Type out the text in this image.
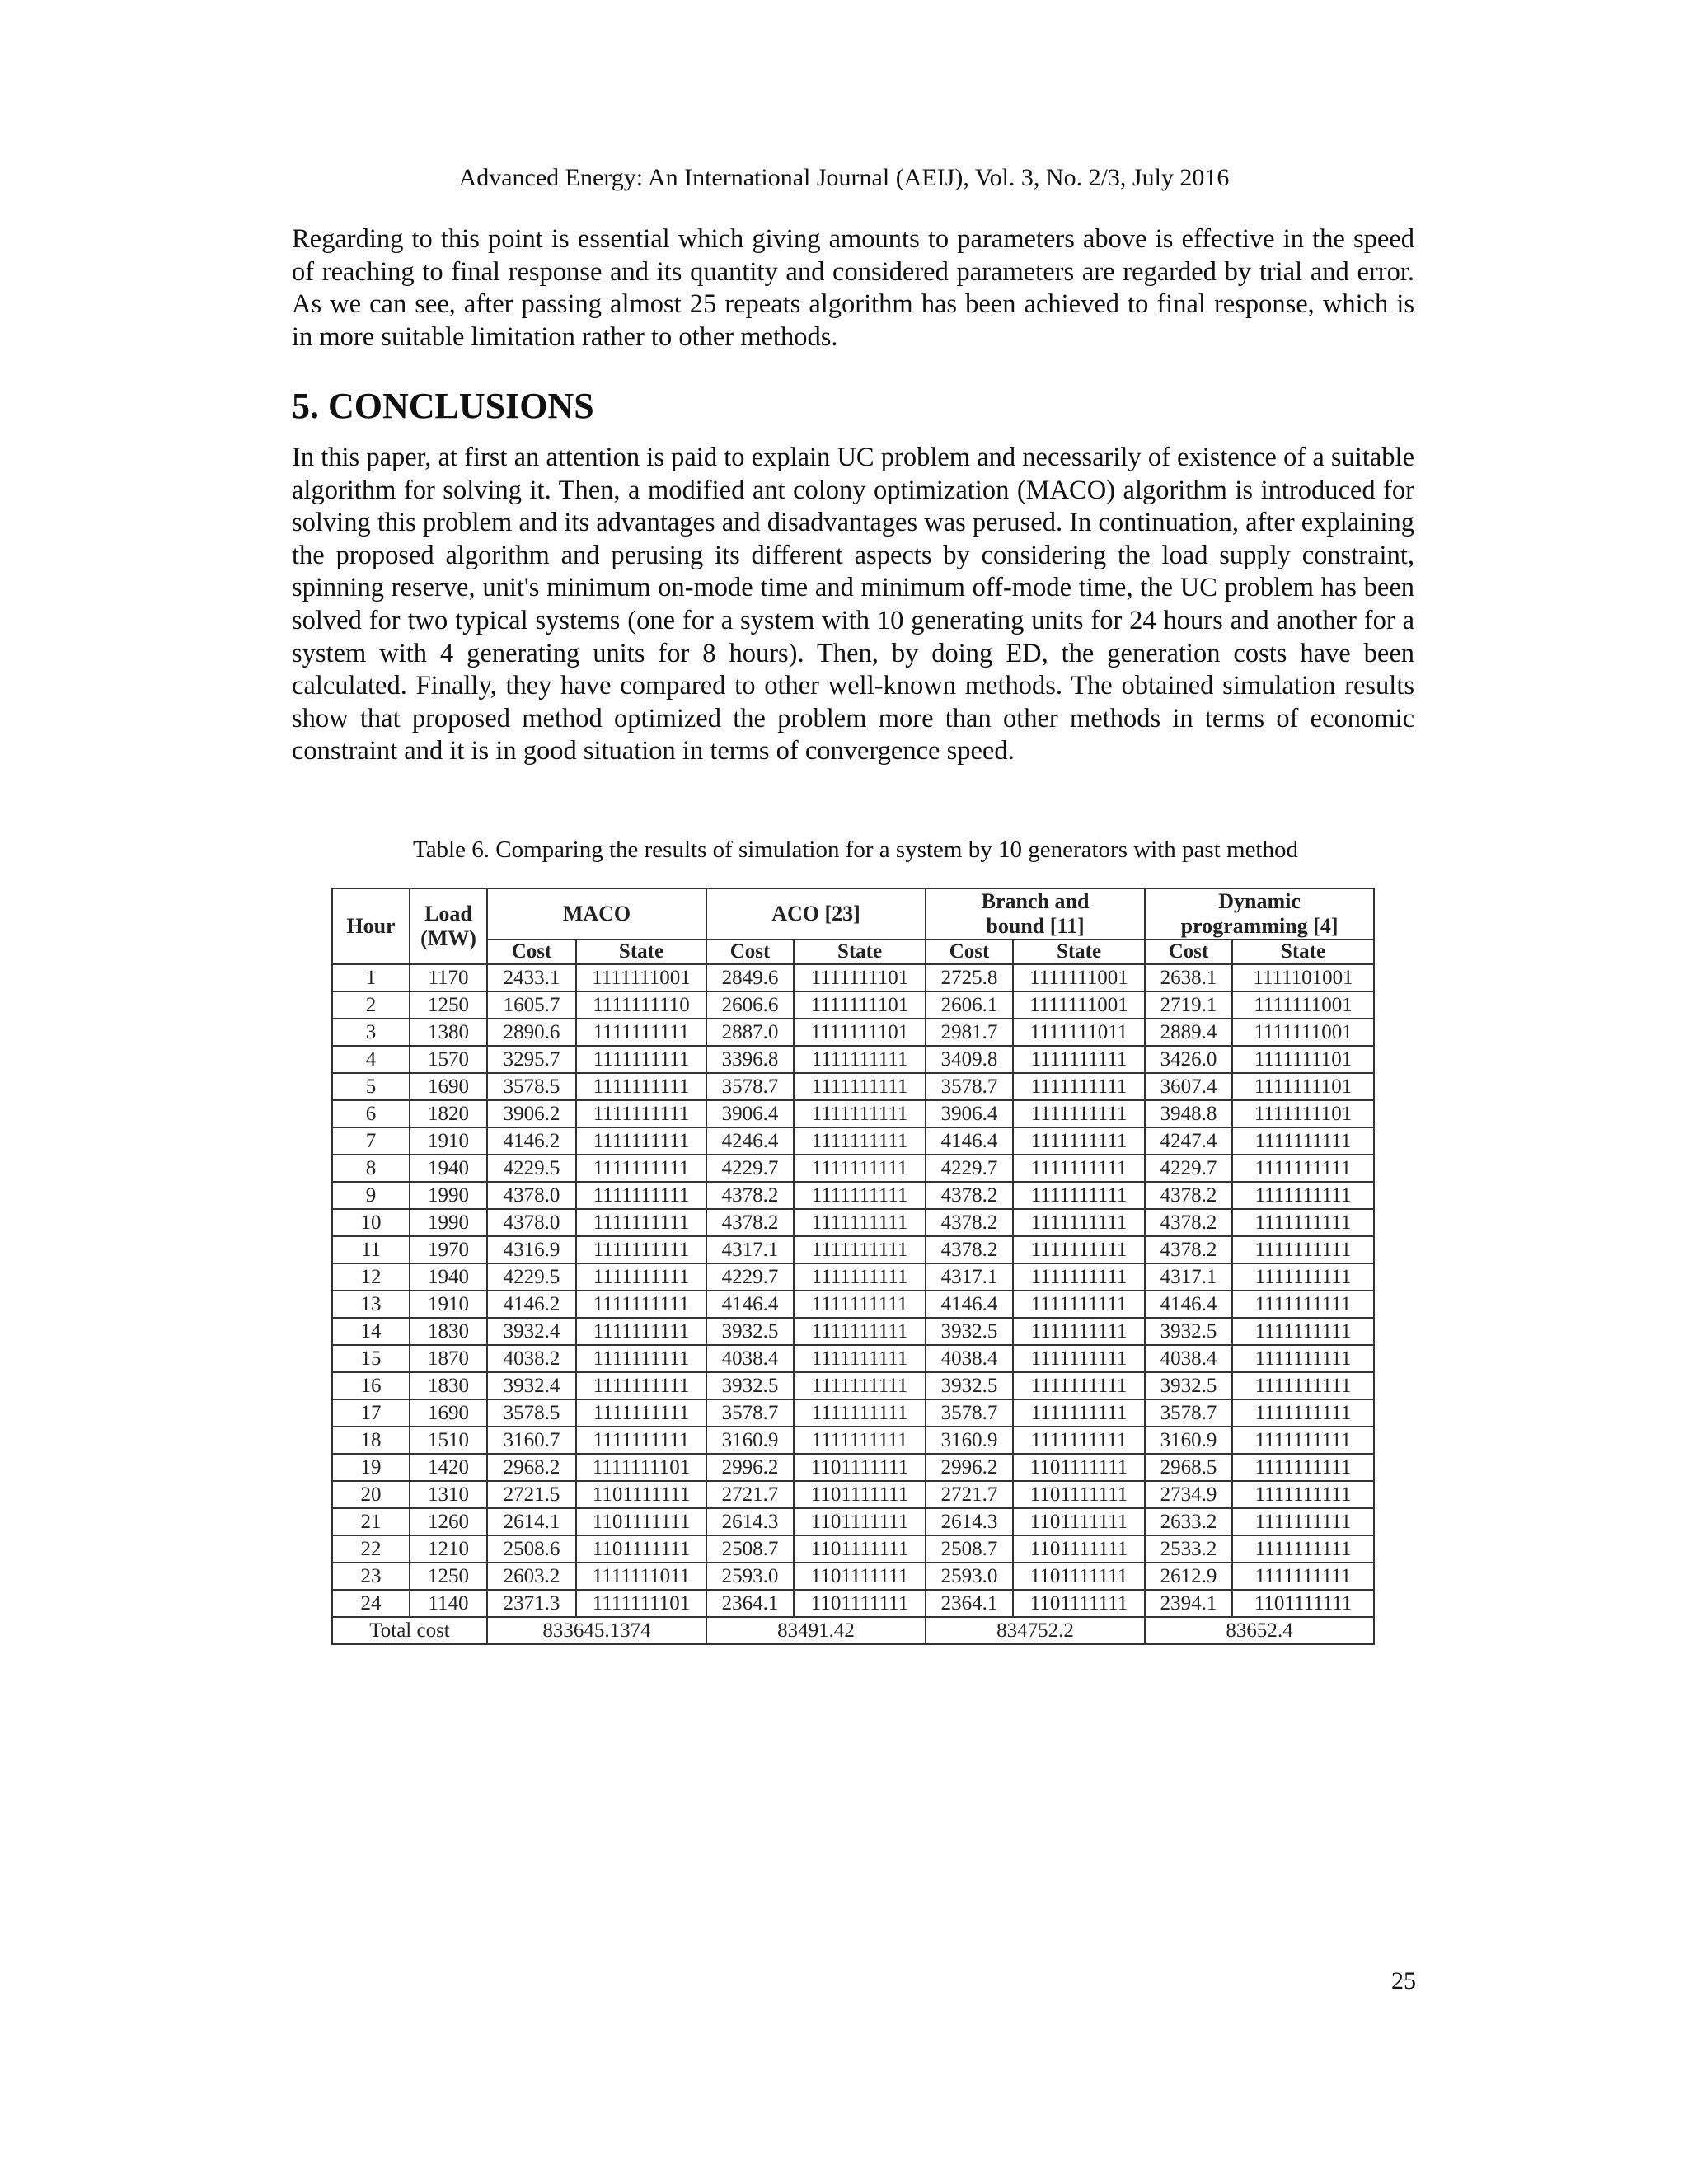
Advanced Energy: An International Journal (AEIJ), Vol. 3, No. 2/3, July 2016

Regarding to this point is essential which giving amounts to parameters above is effective in the speed of reaching to final response and its quantity and considered parameters are regarded by trial and error. As we can see, after passing almost 25 repeats algorithm has been achieved to final response, which is in more suitable limitation rather to other methods.

5. CONCLUSIONS

In this paper, at first an attention is paid to explain UC problem and necessarily of existence of a suitable algorithm for solving it. Then, a modified ant colony optimization (MACO) algorithm is introduced for solving this problem and its advantages and disadvantages was perused. In continuation, after explaining the proposed algorithm and perusing its different aspects by considering the load supply constraint, spinning reserve, unit's minimum on-mode time and minimum off-mode time, the UC problem has been solved for two typical systems (one for a system with 10 generating units for 24 hours and another for a system with 4 generating units for 8 hours). Then, by doing ED, the generation costs have been calculated. Finally, they have compared to other well-known methods. The obtained simulation results show that proposed method optimized the problem more than other methods in terms of economic constraint and it is in good situation in terms of convergence speed.

Table 6. Comparing the results of simulation for a system by 10 generators with past method
Hour	Load (MW)	MACO		ACO [23]		Branch and bound [11]		Dynamic programming [4]	
		Cost	State	Cost	State	Cost	State	Cost	State
1	1170	2433.1	1111111001	2849.6	1111111101	2725.8	1111111001	2638.1	1111101001
2	1250	1605.7	1111111110	2606.6	1111111101	2606.1	1111111001	2719.1	1111111001
3	1380	2890.6	1111111111	2887.0	1111111101	2981.7	1111111011	2889.4	1111111001
4	1570	3295.7	1111111111	3396.8	1111111111	3409.8	1111111111	3426.0	1111111101
5	1690	3578.5	1111111111	3578.7	1111111111	3578.7	1111111111	3607.4	1111111101
6	1820	3906.2	1111111111	3906.4	1111111111	3906.4	1111111111	3948.8	1111111101
7	1910	4146.2	1111111111	4246.4	1111111111	4146.4	1111111111	4247.4	1111111111
8	1940	4229.5	1111111111	4229.7	1111111111	4229.7	1111111111	4229.7	1111111111
9	1990	4378.0	1111111111	4378.2	1111111111	4378.2	1111111111	4378.2	1111111111
10	1990	4378.0	1111111111	4378.2	1111111111	4378.2	1111111111	4378.2	1111111111
11	1970	4316.9	1111111111	4317.1	1111111111	4378.2	1111111111	4378.2	1111111111
12	1940	4229.5	1111111111	4229.7	1111111111	4317.1	1111111111	4317.1	1111111111
13	1910	4146.2	1111111111	4146.4	1111111111	4146.4	1111111111	4146.4	1111111111
14	1830	3932.4	1111111111	3932.5	1111111111	3932.5	1111111111	3932.5	1111111111
15	1870	4038.2	1111111111	4038.4	1111111111	4038.4	1111111111	4038.4	1111111111
16	1830	3932.4	1111111111	3932.5	1111111111	3932.5	1111111111	3932.5	1111111111
17	1690	3578.5	1111111111	3578.7	1111111111	3578.7	1111111111	3578.7	1111111111
18	1510	3160.7	1111111111	3160.9	1111111111	3160.9	1111111111	3160.9	1111111111
19	1420	2968.2	1111111101	2996.2	1101111111	2996.2	1101111111	2968.5	1111111111
20	1310	2721.5	1101111111	2721.7	1101111111	2721.7	1101111111	2734.9	1111111111
21	1260	2614.1	1101111111	2614.3	1101111111	2614.3	1101111111	2633.2	1111111111
22	1210	2508.6	1101111111	2508.7	1101111111	2508.7	1101111111	2533.2	1111111111
23	1250	2603.2	1111111011	2593.0	1101111111	2593.0	1101111111	2612.9	1111111111
24	1140	2371.3	1111111101	2364.1	1101111111	2364.1	1101111111	2394.1	1101111111
Total cost		833645.1374		83491.42		834752.2		83652.4	
25
